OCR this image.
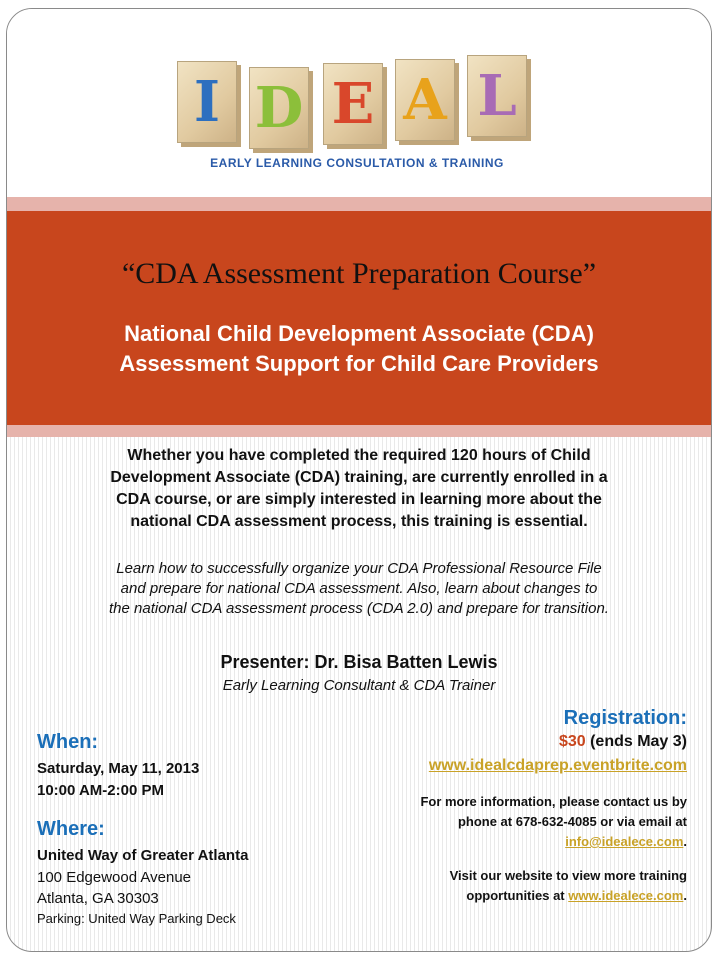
I D E A L
EARLY LEARNING CONSULTATION & TRAINING
“CDA Assessment Preparation Course”
National Child Development Associate (CDA)
Assessment Support for Child Care Providers
Whether you have completed the required 120 hours of Child
Development Associate (CDA) training, are currently enrolled in a
CDA course, or are simply interested in learning more about the
national CDA assessment process, this training is essential.
Learn how to successfully organize your CDA Professional Resource File
and prepare for national CDA assessment. Also, learn about changes to
the national CDA assessment process (CDA 2.0) and prepare for transition.
Presenter: Dr. Bisa Batten Lewis
Early Learning Consultant & CDA Trainer
When:
Saturday, May 11, 2013
10:00 AM-2:00 PM
Where:
United Way of Greater Atlanta
100 Edgewood Avenue
Atlanta, GA 30303
Parking: United Way Parking Deck
Registration:
$30 (ends May 3)
www.idealcdaprep.eventbrite.com
For more information, please contact us by
phone at 678-632-4085 or via email at
info@idealece.com.
Visit our website to view more training
opportunities at www.idealece.com.
